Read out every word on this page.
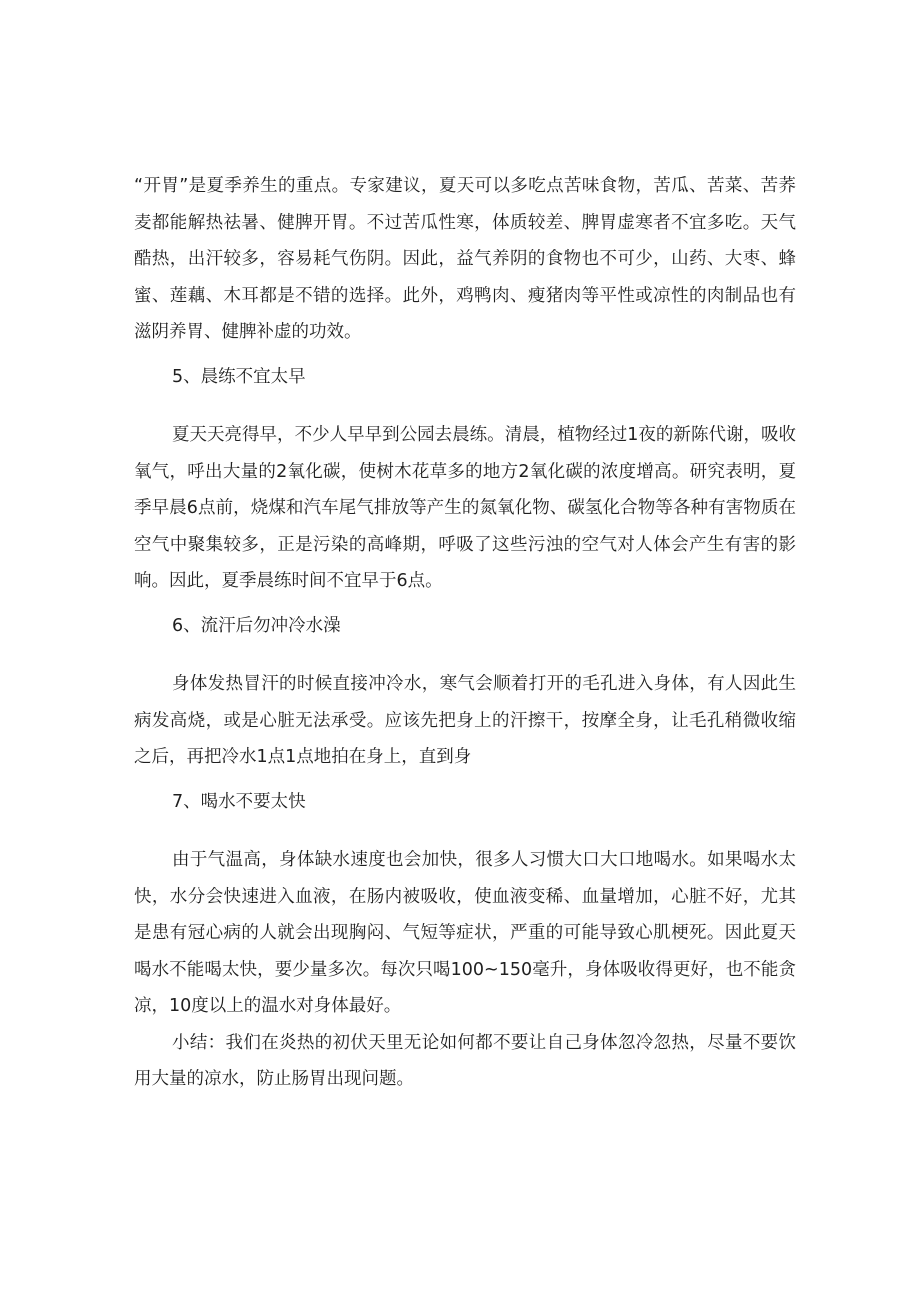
“开胃”是夏季养生的重点。专家建议，夏天可以多吃点苦味食物，苦瓜、苦菜、苦荞麦都能解热祛暑、健脾开胃。不过苦瓜性寒，体质较差、脾胃虚寒者不宜多吃。天气酷热，出汗较多，容易耗气伤阴。因此，益气养阴的食物也不可少，山药、大枣、蜂蜜、莲藕、木耳都是不错的选择。此外，鸡鸭肉、瘦猪肉等平性或凉性的肉制品也有滋阴养胃、健脾补虚的功效。

5、晨练不宜太早

夏天天亮得早，不少人早早到公园去晨练。清晨，植物经过1夜的新陈代谢，吸收氧气，呼出大量的2氧化碳，使树木花草多的地方2氧化碳的浓度增高。研究表明，夏季早晨6点前，烧煤和汽车尾气排放等产生的氮氧化物、碳氢化合物等各种有害物质在空气中聚集较多，正是污染的高峰期，呼吸了这些污浊的空气对人体会产生有害的影响。因此，夏季晨练时间不宜早于6点。

6、流汗后勿冲冷水澡

身体发热冒汗的时候直接冲冷水，寒气会顺着打开的毛孔进入身体，有人因此生病发高烧，或是心脏无法承受。应该先把身上的汗擦干，按摩全身，让毛孔稍微收缩之后，再把冷水1点1点地拍在身上，直到身

7、喝水不要太快

由于气温高，身体缺水速度也会加快，很多人习惯大口大口地喝水。如果喝水太快，水分会快速进入血液，在肠内被吸收，使血液变稀、血量增加，心脏不好，尤其是患有冠心病的人就会出现胸闷、气短等症状，严重的可能导致心肌梗死。因此夏天喝水不能喝太快，要少量多次。每次只喝100~150毫升，身体吸收得更好，也不能贪凉，10度以上的温水对身体最好。

小结：我们在炎热的初伏天里无论如何都不要让自己身体忽冷忽热，尽量不要饮用大量的凉水，防止肠胃出现问题。
